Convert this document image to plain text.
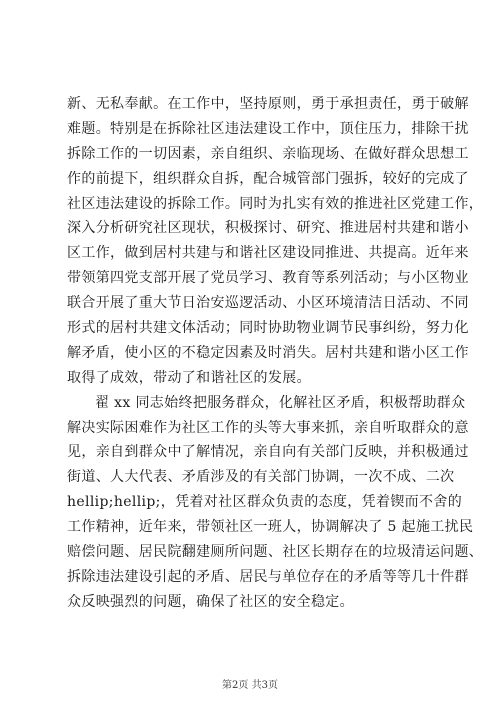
新、无私奉献。在工作中，坚持原则，勇于承担责任，勇于破解
难题。特别是在拆除社区违法建设工作中，顶住压力，排除干扰
拆除工作的一切因素，亲自组织、亲临现场、在做好群众思想工
作的前提下，组织群众自拆，配合城管部门强拆，较好的完成了
社区违法建设的拆除工作。同时为扎实有效的推进社区党建工作，
深入分析研究社区现状，积极探讨、研究、推进居村共建和谐小
区工作，做到居村共建与和谐社区建设同推进、共提高。近年来
带领第四党支部开展了党员学习、教育等系列活动；与小区物业
联合开展了重大节日治安巡逻活动、小区环境清洁日活动、不同
形式的居村共建文体活动；同时协助物业调节民事纠纷，努力化
解矛盾，使小区的不稳定因素及时消失。居村共建和谐小区工作
取得了成效，带动了和谐社区的发展。
翟 xx 同志始终把服务群众，化解社区矛盾，积极帮助群众
解决实际困难作为社区工作的头等大事来抓，亲自听取群众的意
见，亲自到群众中了解情况，亲自向有关部门反映，并积极通过
街道、人大代表、矛盾涉及的有关部门协调，一次不成、二次
hellip;hellip;，凭着对社区群众负责的态度，凭着锲而不舍的
工作精神，近年来，带领社区一班人，协调解决了 5 起施工扰民
赔偿问题、居民院翻建厕所问题、社区长期存在的垃圾清运问题、
拆除违法建设引起的矛盾、居民与单位存在的矛盾等等几十件群
众反映强烈的问题，确保了社区的安全稳定。
第2页 共3页
